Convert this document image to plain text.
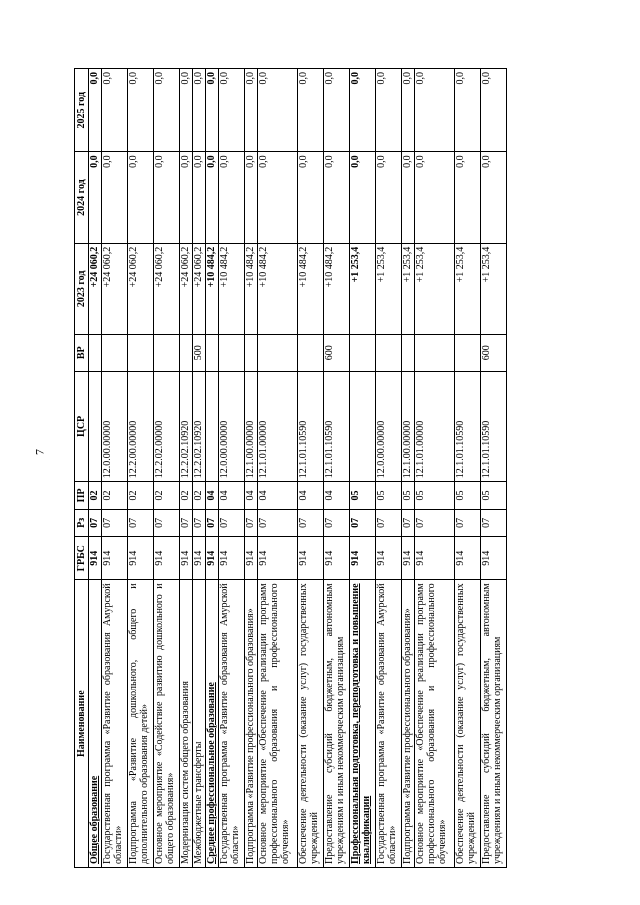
7
Наименование	ГРБС	Рз	ПР	ЦСР	ВР	2023 год	2024 год	2025 год
Общее образование	914	07	02			+24 060,2	0,0	0,0
Государственная программа «Развитие образования Амурской области»	914	07	02	12.0.00.00000		+24 060,2	0,0	0,0
Подпрограмма «Развитие дошкольного, общего и дополнительного образования детей»	914	07	02	12.2.00.00000		+24 060,2	0,0	0,0
Основное мероприятие «Содействие развитию дошкольного и общего образования»	914	07	02	12.2.02.00000		+24 060,2	0,0	0,0
Модернизация систем общего образования	914	07	02	12.2.02.10920		+24 060,2	0,0	0,0
Межбюджетные трансферты	914	07	02	12.2.02.10920	500	+24 060,2	0,0	0,0
Среднее профессиональное образование	914	07	04			+10 484,2	0,0	0,0
Государственная программа «Развитие образования Амурской области»	914	07	04	12.0.00.00000		+10 484,2	0,0	0,0
Подпрограмма «Развитие профессионального образования»	914	07	04	12.1.00.00000		+10 484,2	0,0	0,0
Основное мероприятие «Обеспечение реализации программ профессионального образования и профессионального обучения»	914	07	04	12.1.01.00000		+10 484,2	0,0	0,0
Обеспечение деятельности (оказание услуг) государственных учреждений	914	07	04	12.1.01.10590		+10 484,2	0,0	0,0
Предоставление субсидий бюджетным, автономным учреждениям и иным некоммерческим организациям	914	07	04	12.1.01.10590	600	+10 484,2	0,0	0,0
Профессиональная подготовка, переподготовка и повышение квалификации	914	07	05			+1 253,4	0,0	0,0
Государственная программа «Развитие образования Амурской области»	914	07	05	12.0.00.00000		+1 253,4	0,0	0,0
Подпрограмма «Развитие профессионального образования»	914	07	05	12.1.00.00000		+1 253,4	0,0	0,0
Основное мероприятие «Обеспечение реализации программ профессионального образования и профессионального обучения»	914	07	05	12.1.01.00000		+1 253,4	0,0	0,0
Обеспечение деятельности (оказание услуг) государственных учреждений	914	07	05	12.1.01.10590		+1 253,4	0,0	0,0
Предоставление субсидий бюджетным, автономным учреждениям и иным некоммерческим организациям	914	07	05	12.1.01.10590	600	+1 253,4	0,0	0,0
